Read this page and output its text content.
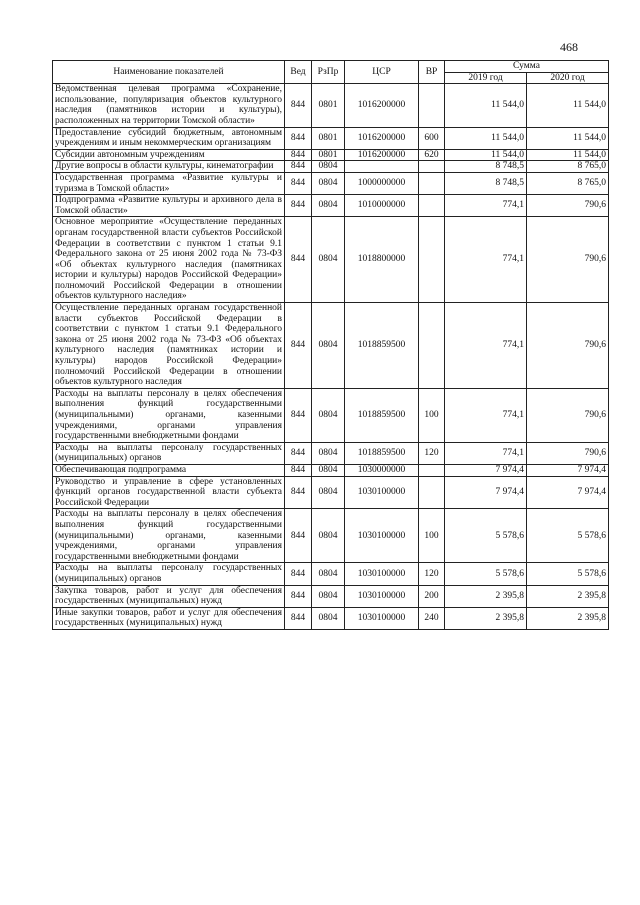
468
Наименование показателей	Вед	РзПр	ЦСР	ВР	Сумма	
					2019 год	2020 год
Ведомственная целевая программа «Сохранение, использование, популяризация объектов культурного наследия (памятников истории и культуры), расположенных на территории Томской области»	844	0801	1016200000		11 544,0	11 544,0
Предоставление субсидий бюджетным, автономным учреждениям и иным некоммерческим организациям	844	0801	1016200000	600	11 544,0	11 544,0
Субсидии автономным учреждениям	844	0801	1016200000	620	11 544,0	11 544,0
Другие вопросы в области культуры, кинематографии	844	0804			8 748,5	8 765,0
Государственная программа «Развитие культуры и туризма в Томской области»	844	0804	1000000000		8 748,5	8 765,0
Подпрограмма «Развитие культуры и архивного дела в Томской области»	844	0804	1010000000		774,1	790,6
Основное мероприятие «Осуществление переданных органам государственной власти субъектов Российской Федерации в соответствии с пунктом 1 статьи 9.1 Федерального закона от 25 июня 2002 года № 73-ФЗ «Об объектах культурного наследия (памятниках истории и культуры) народов Российской Федерации» полномочий Российской Федерации в отношении объектов культурного наследия»	844	0804	1018800000		774,1	790,6
Осуществление переданных органам государственной власти субъектов Российской Федерации в соответствии с пунктом 1 статьи 9.1 Федерального закона от 25 июня 2002 года № 73-ФЗ «Об объектах культурного наследия (памятниках истории и культуры) народов Российской Федерации» полномочий Российской Федерации в отношении объектов культурного наследия	844	0804	1018859500		774,1	790,6
Расходы на выплаты персоналу в целях обеспечения выполнения функций государственными (муниципальными) органами, казенными учреждениями, органами управления государственными внебюджетными фондами	844	0804	1018859500	100	774,1	790,6
Расходы на выплаты персоналу государственных (муниципальных) органов	844	0804	1018859500	120	774,1	790,6
Обеспечивающая подпрограмма	844	0804	1030000000		7 974,4	7 974,4
Руководство и управление в сфере установленных функций органов государственной власти субъекта Российской Федерации	844	0804	1030100000		7 974,4	7 974,4
Расходы на выплаты персоналу в целях обеспечения выполнения функций государственными (муниципальными) органами, казенными учреждениями, органами управления государственными внебюджетными фондами	844	0804	1030100000	100	5 578,6	5 578,6
Расходы на выплаты персоналу государственных (муниципальных) органов	844	0804	1030100000	120	5 578,6	5 578,6
Закупка товаров, работ и услуг для обеспечения государственных (муниципальных) нужд	844	0804	1030100000	200	2 395,8	2 395,8
Иные закупки товаров, работ и услуг для обеспечения государственных (муниципальных) нужд	844	0804	1030100000	240	2 395,8	2 395,8
